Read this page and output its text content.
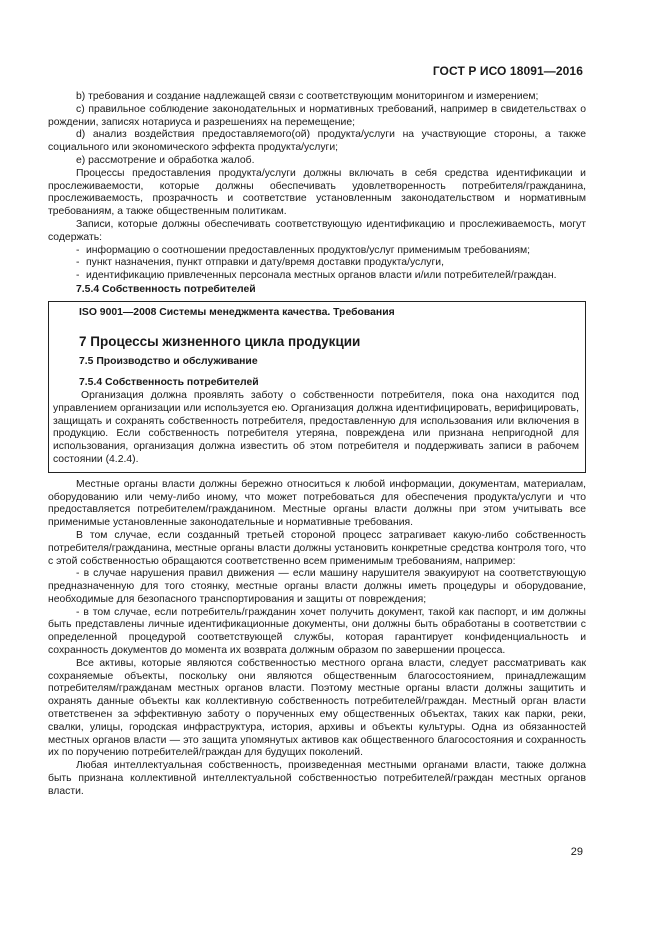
ГОСТ Р ИСО 18091—2016

b) требования и создание надлежащей связи с соответствующим мониторингом и измерением;

c) правильное соблюдение законодательных и нормативных требований, например в свидетельствах о рождении, записях нотариуса и разрешениях на перемещение;

d) анализ воздействия предоставляемого(ой) продукта/услуги на участвующие стороны, а также социального или экономического эффекта продукта/услуги;

e) рассмотрение и обработка жалоб.

Процессы предоставления продукта/услуги должны включать в себя средства идентификации и прослеживаемости, которые должны обеспечивать удовлетворенность потребителя/гражданина, прослеживаемость, прозрачность и соответствие установленным законодательством и нормативным требованиям, а также общественным политикам.

Записи, которые должны обеспечивать соответствующую идентификацию и прослеживаемость, могут содержать:

- информацию о соотношении предоставленных продуктов/услуг применимым требованиям;

- пункт назначения, пункт отправки и дату/время доставки продукта/услуги,

- идентификацию привлеченных персонала местных органов власти и/или потребителей/граждан.

7.5.4 Собственность потребителей

ISO 9001—2008 Системы менеджмента качества. Требования

7 Процессы жизненного цикла продукции

7.5 Производство и обслуживание

7.5.4 Собственность потребителей

Организация должна проявлять заботу о собственности потребителя, пока она находится под управлением организации или используется ею. Организация должна идентифицировать, верифицировать, защищать и сохранять собственность потребителя, предоставленную для использования или включения в продукцию. Если собственность потребителя утеряна, повреждена или признана непригодной для использования, организация должна известить об этом потребителя и поддерживать записи в рабочем состоянии (4.2.4).

Местные органы власти должны бережно относиться к любой информации, документам, материалам, оборудованию или чему-либо иному, что может потребоваться для обеспечения продукта/услуги и что предоставляется потребителем/гражданином. Местные органы власти должны при этом учитывать все применимые установленные законодательные и нормативные требования.

В том случае, если созданный третьей стороной процесс затрагивает какую-либо собственность потребителя/гражданина, местные органы власти должны установить конкретные средства контроля того, что с этой собственностью обращаются соответственно всем применимым требованиям, например:

- в случае нарушения правил движения — если машину нарушителя эвакуируют на соответствующую предназначенную для того стоянку, местные органы власти должны иметь процедуры и оборудование, необходимые для безопасного транспортирования и защиты от повреждения;

- в том случае, если потребитель/гражданин хочет получить документ, такой как паспорт, и им должны быть представлены личные идентификационные документы, они должны быть обработаны в соответствии с определенной процедурой соответствующей службы, которая гарантирует конфиденциальность и сохранность документов до момента их возврата должным образом по завершении процесса.

Все активы, которые являются собственностью местного органа власти, следует рассматривать как сохраняемые объекты, поскольку они являются общественным благосостоянием, принадлежащим потребителям/гражданам местных органов власти. Поэтому местные органы власти должны защитить и охранять данные объекты как коллективную собственность потребителей/граждан. Местный орган власти ответственен за эффективную заботу о порученных ему общественных объектах, таких как парки, реки, свалки, улицы, городская инфраструктура, история, архивы и объекты культуры. Одна из обязанностей местных органов власти — это защита упомянутых активов как общественного благосостояния и сохранность их по поручению потребителей/граждан для будущих поколений.

Любая интеллектуальная собственность, произведенная местными органами власти, также должна быть признана коллективной интеллектуальной собственностью потребителей/граждан местных органов власти.

29
